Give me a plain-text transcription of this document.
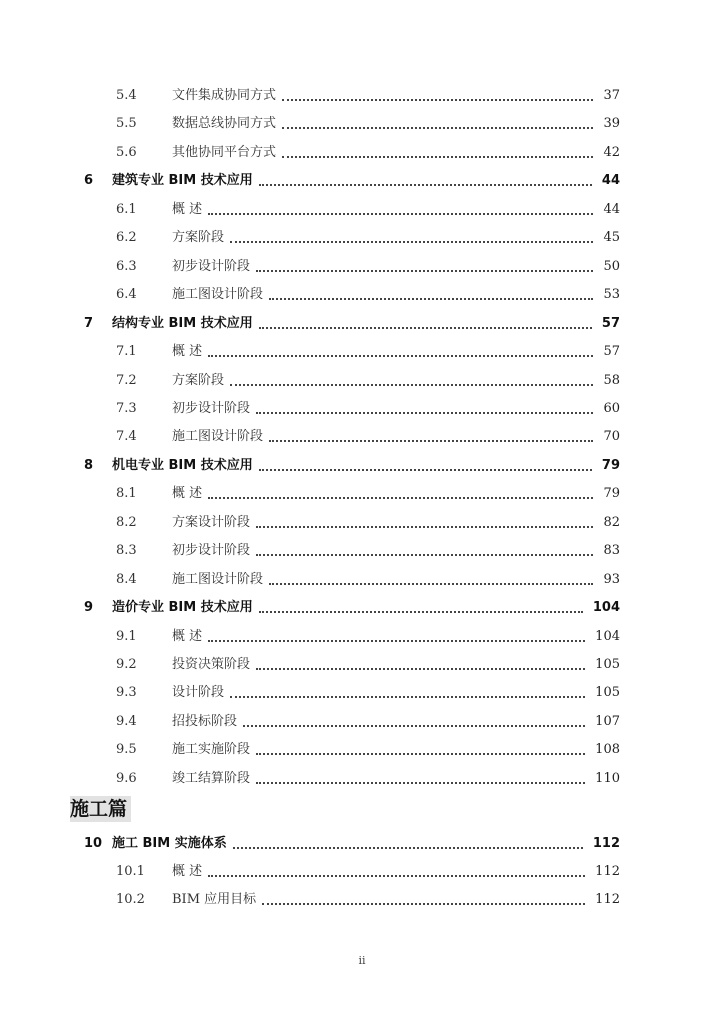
5.4	文件集成协同方式	37
5.5	数据总线协同方式	39
5.6	其他协同平台方式	42
6 建筑专业 BIM 技术应用	44
6.1	概 述	44
6.2	方案阶段	45
6.3	初步设计阶段	50
6.4	施工图设计阶段	53
7 结构专业 BIM 技术应用	57
7.1	概 述	57
7.2	方案阶段	58
7.3	初步设计阶段	60
7.4	施工图设计阶段	70
8 机电专业 BIM 技术应用	79
8.1	概 述	79
8.2	方案设计阶段	82
8.3	初步设计阶段	83
8.4	施工图设计阶段	93
9 造价专业 BIM 技术应用	104
9.1	概 述	104
9.2	投资决策阶段	105
9.3	设计阶段	105
9.4	招投标阶段	107
9.5	施工实施阶段	108
9.6	竣工结算阶段	110
10 施工 BIM 实施体系	112
10.1 概 述	112
10.2 BIM 应用目标	112
施工篇
ii
